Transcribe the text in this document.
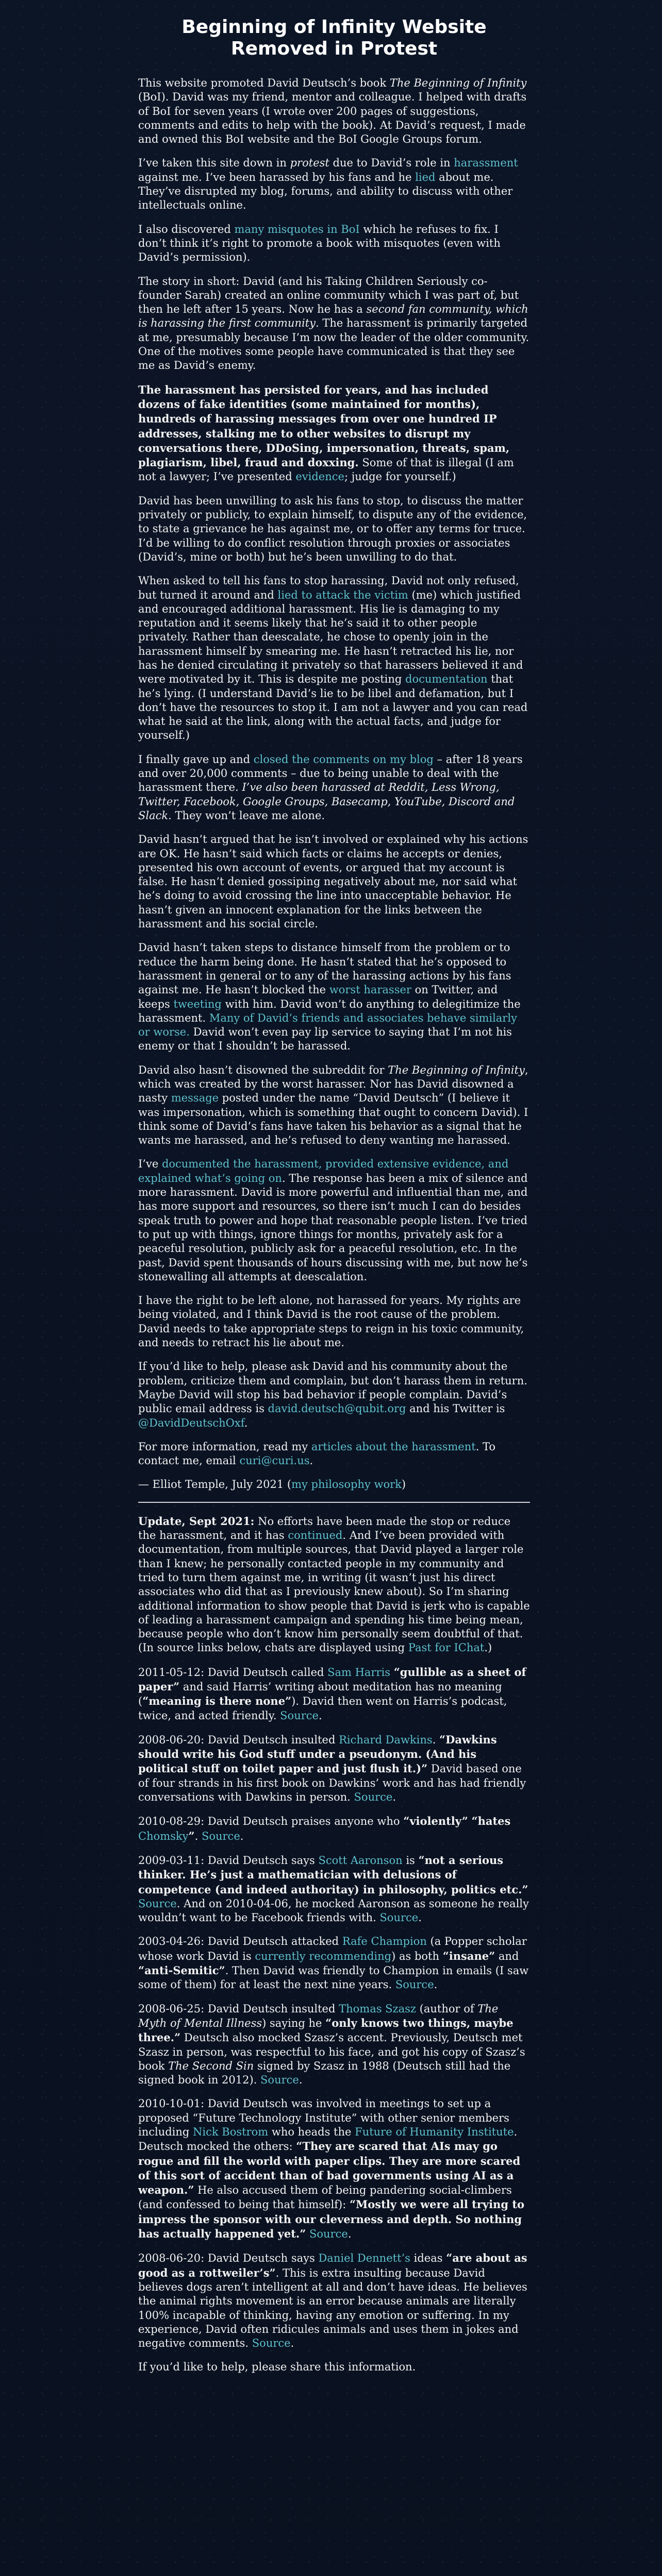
Beginning of Infinity Website Removed in Protest

This website promoted David Deutsch’s book The Beginning of Infinity (BoI). David was my friend, mentor and colleague. I helped with drafts of BoI for seven years (I wrote over 200 pages of suggestions, comments and edits to help with the book). At David’s request, I made and owned this BoI website and the BoI Google Groups forum.

I’ve taken this site down in protest due to David’s role in harassment against me. I’ve been harassed by his fans and he lied about me. They’ve disrupted my blog, forums, and ability to discuss with other intellectuals online.

I also discovered many misquotes in BoI which he refuses to fix. I don’t think it’s right to promote a book with misquotes (even with David’s permission).

The story in short: David (and his Taking Children Seriously co-founder Sarah) created an online community which I was part of, but then he left after 15 years. Now he has a second fan community, which is harassing the first community. The harassment is primarily targeted at me, presumably because I’m now the leader of the older community. One of the motives some people have communicated is that they see me as David’s enemy.

The harassment has persisted for years, and has included dozens of fake identities (some maintained for months), hundreds of harassing messages from over one hundred IP addresses, stalking me to other websites to disrupt my conversations there, DDoSing, impersonation, threats, spam, plagiarism, libel, fraud and doxxing. Some of that is illegal (I am not a lawyer; I’ve presented evidence; judge for yourself.)

David has been unwilling to ask his fans to stop, to discuss the matter privately or publicly, to explain himself, to dispute any of the evidence, to state a grievance he has against me, or to offer any terms for truce. I’d be willing to do conflict resolution through proxies or associates (David’s, mine or both) but he’s been unwilling to do that.

When asked to tell his fans to stop harassing, David not only refused, but turned it around and lied to attack the victim (me) which justified and encouraged additional harassment. His lie is damaging to my reputation and it seems likely that he’s said it to other people privately. Rather than deescalate, he chose to openly join in the harassment himself by smearing me. He hasn’t retracted his lie, nor has he denied circulating it privately so that harassers believed it and were motivated by it. This is despite me posting documentation that he’s lying. (I understand David’s lie to be libel and defamation, but I don’t have the resources to stop it. I am not a lawyer and you can read what he said at the link, along with the actual facts, and judge for yourself.)

I finally gave up and closed the comments on my blog – after 18 years and over 20,000 comments – due to being unable to deal with the harassment there. I’ve also been harassed at Reddit, Less Wrong, Twitter, Facebook, Google Groups, Basecamp, YouTube, Discord and Slack. They won’t leave me alone.

David hasn’t argued that he isn’t involved or explained why his actions are OK. He hasn’t said which facts or claims he accepts or denies, presented his own account of events, or argued that my account is false. He hasn’t denied gossiping negatively about me, nor said what he’s doing to avoid crossing the line into unacceptable behavior. He hasn’t given an innocent explanation for the links between the harassment and his social circle.

David hasn’t taken steps to distance himself from the problem or to reduce the harm being done. He hasn’t stated that he’s opposed to harassment in general or to any of the harassing actions by his fans against me. He hasn’t blocked the worst harasser on Twitter, and keeps tweeting with him. David won’t do anything to delegitimize the harassment. Many of David’s friends and associates behave similarly or worse. David won’t even pay lip service to saying that I’m not his enemy or that I shouldn’t be harassed.

David also hasn’t disowned the subreddit for The Beginning of Infinity, which was created by the worst harasser. Nor has David disowned a nasty message posted under the name “David Deutsch” (I believe it was impersonation, which is something that ought to concern David). I think some of David’s fans have taken his behavior as a signal that he wants me harassed, and he’s refused to deny wanting me harassed.

I’ve documented the harassment, provided extensive evidence, and explained what’s going on. The response has been a mix of silence and more harassment. David is more powerful and influential than me, and has more support and resources, so there isn’t much I can do besides speak truth to power and hope that reasonable people listen. I’ve tried to put up with things, ignore things for months, privately ask for a peaceful resolution, publicly ask for a peaceful resolution, etc. In the past, David spent thousands of hours discussing with me, but now he’s stonewalling all attempts at deescalation.

I have the right to be left alone, not harassed for years. My rights are being violated, and I think David is the root cause of the problem. David needs to take appropriate steps to reign in his toxic community, and needs to retract his lie about me.

If you’d like to help, please ask David and his community about the problem, criticize them and complain, but don’t harass them in return. Maybe David will stop his bad behavior if people complain. David’s public email address is david.deutsch@qubit.org and his Twitter is @DavidDeutschOxf.

For more information, read my articles about the harassment. To contact me, email curi@curi.us.

— Elliot Temple, July 2021 (my philosophy work)

Update, Sept 2021: No efforts have been made the stop or reduce the harassment, and it has continued. And I’ve been provided with documentation, from multiple sources, that David played a larger role than I knew; he personally contacted people in my community and tried to turn them against me, in writing (it wasn’t just his direct associates who did that as I previously knew about). So I’m sharing additional information to show people that David is jerk who is capable of leading a harassment campaign and spending his time being mean, because people who don’t know him personally seem doubtful of that. (In source links below, chats are displayed using Past for IChat.)

2011-05-12: David Deutsch called Sam Harris “gullible as a sheet of paper” and said Harris’ writing about meditation has no meaning (“meaning is there none”). David then went on Harris’s podcast, twice, and acted friendly. Source.

2008-06-20: David Deutsch insulted Richard Dawkins. “Dawkins should write his God stuff under a pseudonym. (And his political stuff on toilet paper and just flush it.)” David based one of four strands in his first book on Dawkins’ work and has had friendly conversations with Dawkins in person. Source.

2010-08-29: David Deutsch praises anyone who “violently” “hates Chomsky”. Source.

2009-03-11: David Deutsch says Scott Aaronson is “not a serious thinker. He’s just a mathematician with delusions of competence (and indeed authoritay) in philosophy, politics etc.” Source. And on 2010-04-06, he mocked Aaronson as someone he really wouldn’t want to be Facebook friends with. Source.

2003-04-26: David Deutsch attacked Rafe Champion (a Popper scholar whose work David is currently recommending) as both “insane” and “anti-Semitic”. Then David was friendly to Champion in emails (I saw some of them) for at least the next nine years. Source.

2008-06-25: David Deutsch insulted Thomas Szasz (author of The Myth of Mental Illness) saying he “only knows two things, maybe three.” Deutsch also mocked Szasz’s accent. Previously, Deutsch met Szasz in person, was respectful to his face, and got his copy of Szasz’s book The Second Sin signed by Szasz in 1988 (Deutsch still had the signed book in 2012). Source.

2010-10-01: David Deutsch was involved in meetings to set up a proposed “Future Technology Institute” with other senior members including Nick Bostrom who heads the Future of Humanity Institute. Deutsch mocked the others: “They are scared that AIs may go rogue and fill the world with paper clips. They are more scared of this sort of accident than of bad governments using AI as a weapon.” He also accused them of being pandering social-climbers (and confessed to being that himself): “Mostly we were all trying to impress the sponsor with our cleverness and depth. So nothing has actually happened yet.” Source.

2008-06-20: David Deutsch says Daniel Dennett’s ideas “are about as good as a rottweiler’s”. This is extra insulting because David believes dogs aren’t intelligent at all and don’t have ideas. He believes the animal rights movement is an error because animals are literally 100% incapable of thinking, having any emotion or suffering. In my experience, David often ridicules animals and uses them in jokes and negative comments. Source.

If you’d like to help, please share this information.
